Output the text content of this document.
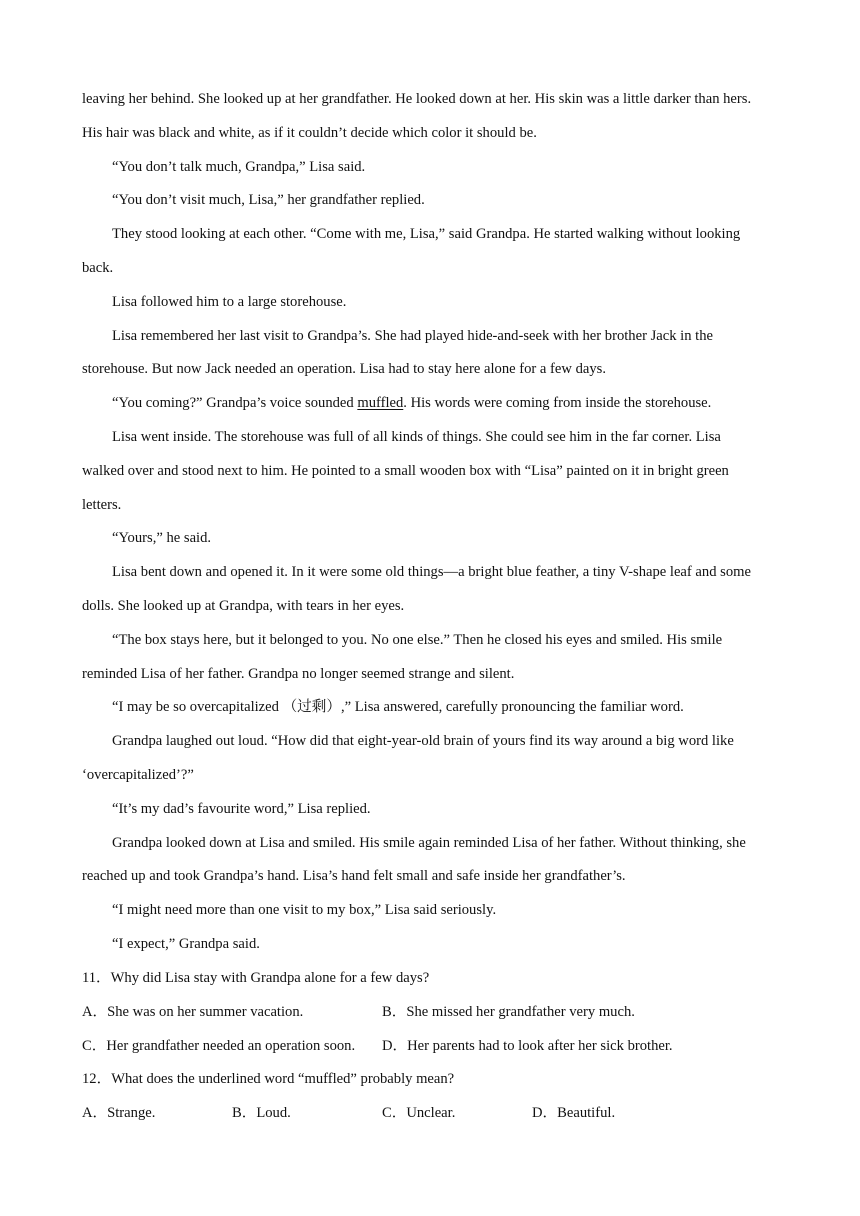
leaving her behind. She looked up at her grandfather. He looked down at her. His skin was a little darker than hers.
His hair was black and white, as if it couldn’t decide which color it should be.
“You don’t talk much, Grandpa,” Lisa said.
“You don’t visit much, Lisa,” her grandfather replied.
They stood looking at each other. “Come with me, Lisa,” said Grandpa. He started walking without looking
back.
Lisa followed him to a large storehouse.
Lisa remembered her last visit to Grandpa’s. She had played hide-and-seek with her brother Jack in the
storehouse. But now Jack needed an operation. Lisa had to stay here alone for a few days.
“You coming?” Grandpa’s voice sounded muffled. His words were coming from inside the storehouse.
Lisa went inside. The storehouse was full of all kinds of things. She could see him in the far corner. Lisa
walked over and stood next to him. He pointed to a small wooden box with “Lisa” painted on it in bright green
letters.
“Yours,” he said.
Lisa bent down and opened it. In it were some old things—a bright blue feather, a tiny V-shape leaf and some
dolls. She looked up at Grandpa, with tears in her eyes.
“The box stays here, but it belonged to you. No one else.” Then he closed his eyes and smiled. His smile
reminded Lisa of her father. Grandpa no longer seemed strange and silent.
“I may be so overcapitalized （过剩）,” Lisa answered, carefully pronouncing the familiar word.
Grandpa laughed out loud. “How did that eight-year-old brain of yours find its way around a big word like
‘overcapitalized’?”
“It’s my dad’s favourite word,” Lisa replied.
Grandpa looked down at Lisa and smiled. His smile again reminded Lisa of her father. Without thinking, she
reached up and took Grandpa’s hand. Lisa’s hand felt small and safe inside her grandfather’s.
“I might need more than one visit to my box,” Lisa said seriously.
“I expect,” Grandpa said.
11．Why did Lisa stay with Grandpa alone for a few days?
A．She was on her summer vacation.	B．She missed her grandfather very much.
C．Her grandfather needed an operation soon. D．Her parents had to look after her sick brother.
12．What does the underlined word “muffled” probably mean?
A．Strange.	B．Loud.	C．Unclear.	D．Beautiful.
